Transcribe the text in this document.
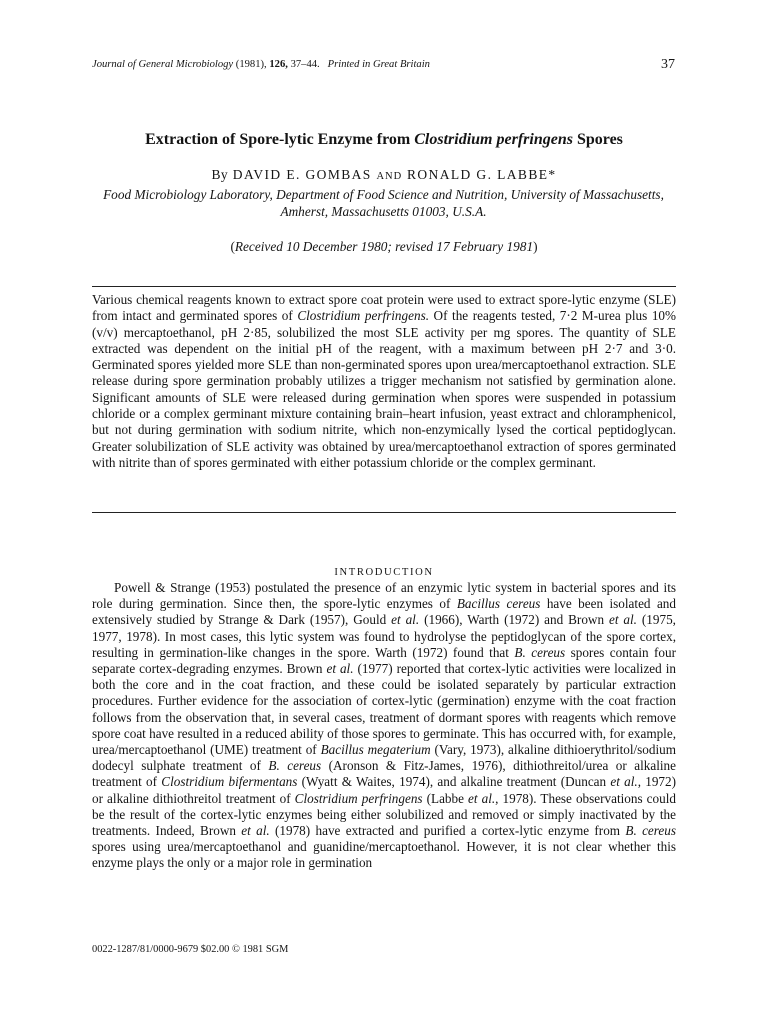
Journal of General Microbiology (1981), 126, 37–44. Printed in Great Britain	37
Extraction of Spore-lytic Enzyme from Clostridium perfringens Spores
By DAVID E. GOMBAS AND RONALD G. LABBE*
Food Microbiology Laboratory, Department of Food Science and Nutrition, University of Massachusetts, Amherst, Massachusetts 01003, U.S.A.
(Received 10 December 1980; revised 17 February 1981)
Various chemical reagents known to extract spore coat protein were used to extract spore-lytic enzyme (SLE) from intact and germinated spores of Clostridium perfringens. Of the reagents tested, 7·2 M-urea plus 10% (v/v) mercaptoethanol, pH 2·85, solubilized the most SLE activity per mg spores. The quantity of SLE extracted was dependent on the initial pH of the reagent, with a maximum between pH 2·7 and 3·0. Germinated spores yielded more SLE than non-germinated spores upon urea/mercaptoethanol extraction. SLE release during spore germination probably utilizes a trigger mechanism not satisfied by germination alone. Significant amounts of SLE were released during germination when spores were suspended in potassium chloride or a complex germinant mixture containing brain–heart infusion, yeast extract and chloramphenicol, but not during germination with sodium nitrite, which non-enzymically lysed the cortical peptidoglycan. Greater solubilization of SLE activity was obtained by urea/mercaptoethanol extraction of spores germinated with nitrite than of spores germinated with either potassium chloride or the complex germinant.
INTRODUCTION
Powell & Strange (1953) postulated the presence of an enzymic lytic system in bacterial spores and its role during germination. Since then, the spore-lytic enzymes of Bacillus cereus have been isolated and extensively studied by Strange & Dark (1957), Gould et al. (1966), Warth (1972) and Brown et al. (1975, 1977, 1978). In most cases, this lytic system was found to hydrolyse the peptidoglycan of the spore cortex, resulting in germination-like changes in the spore. Warth (1972) found that B. cereus spores contain four separate cortex-degrading enzymes. Brown et al. (1977) reported that cortex-lytic activities were localized in both the core and in the coat fraction, and these could be isolated separately by particular extraction procedures. Further evidence for the association of cortex-lytic (germination) enzyme with the coat fraction follows from the observation that, in several cases, treatment of dormant spores with reagents which remove spore coat have resulted in a reduced ability of those spores to germinate. This has occurred with, for example, urea/mercaptoethanol (UME) treatment of Bacillus megaterium (Vary, 1973), alkaline dithioerythritol/sodium dodecyl sulphate treatment of B. cereus (Aronson & Fitz-James, 1976), dithiothreitol/urea or alkaline treatment of Clostridium bifermentans (Wyatt & Waites, 1974), and alkaline treatment (Duncan et al., 1972) or alkaline dithiothreitol treatment of Clostridium perfringens (Labbe et al., 1978). These observations could be the result of the cortex-lytic enzymes being either solubilized and removed or simply inactivated by the treatments. Indeed, Brown et al. (1978) have extracted and purified a cortex-lytic enzyme from B. cereus spores using urea/mercaptoethanol and guanidine/mercaptoethanol. However, it is not clear whether this enzyme plays the only or a major role in germination
0022-1287/81/0000-9679 $02.00 © 1981 SGM
